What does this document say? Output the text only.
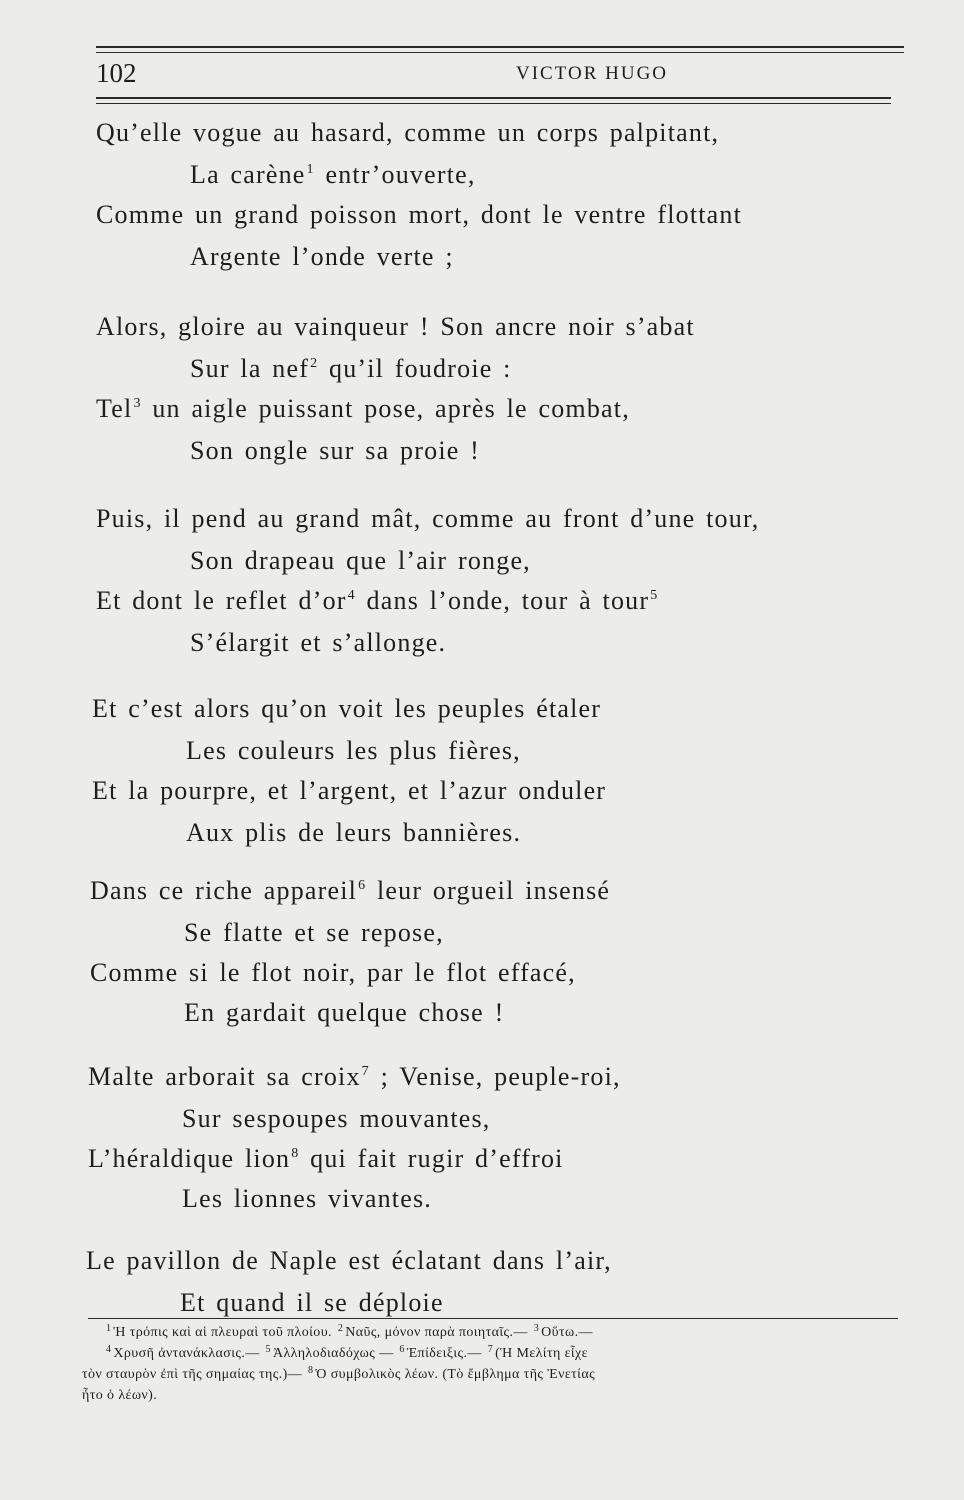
102	VICTOR HUGO
Qu’elle vogue au hasard, comme un corps palpitant,
La carène$^1$ entr’ouverte,
Comme un grand poisson mort, dont le ventre flottant
Argente l’onde verte ;
Alors, gloire au vainqueur ! Son ancre noir s’abat
Sur la nef$^2$ qu’il foudroie :
Tel$^3$ un aigle puissant pose, après le combat,
Son ongle sur sa proie !
Puis, il pend au grand mât, comme au front d’une tour,
Son drapeau que l’air ronge,
Et dont le reflet $d’or^4$ dans l’onde, tour à tour$^5$
S’élargit et s’allonge.
Et c’est alors qu’on voit les peuples étaler
Les couleurs les plus fières,
Et la pourpre, et l’argent, et l’azur onduler
Aux plis de leurs bannières.
Dans ce riche appareil$^6$ leur orgueil insensé
Se flatte et se repose,
Comme si le flot noir, par le flot effacé,
En gardait quelque chose !
Malte arborait sa croix$^7$ ; Venise, peuple-roi,
Sur sespoupes mouvantes,
L’héraldique lion$^8$ qui fait rugir d’effroi
Les lionnes vivantes.
Le pavillon de Naple est éclatant dans l’air,
Et quand il se déploie
$^1$ Ἡ τρόπις καὶ αἱ πλευραὶ τοῦ πλοίου. $^2$ Ναῦς, μόνον παρὰ ποιηταῖς.— $^3$ Οὕτω.—
$^4$ Χρυσῆ ἀντανάκλασις.— $^5$ Ἀλληλοδιαδόχως — $^6$ Ἐπίδειξις.— $^7$ (Ἡ Μελίτη εἶχε
τὸν σταυρὸν ἐπὶ τῆς σημαίας της.)— $^8$ Ὁ συμβολικὸς λέων. (Τὸ ἔμβλημα τῆς Ἐνετίας
ἦτο ὁ λέων).
